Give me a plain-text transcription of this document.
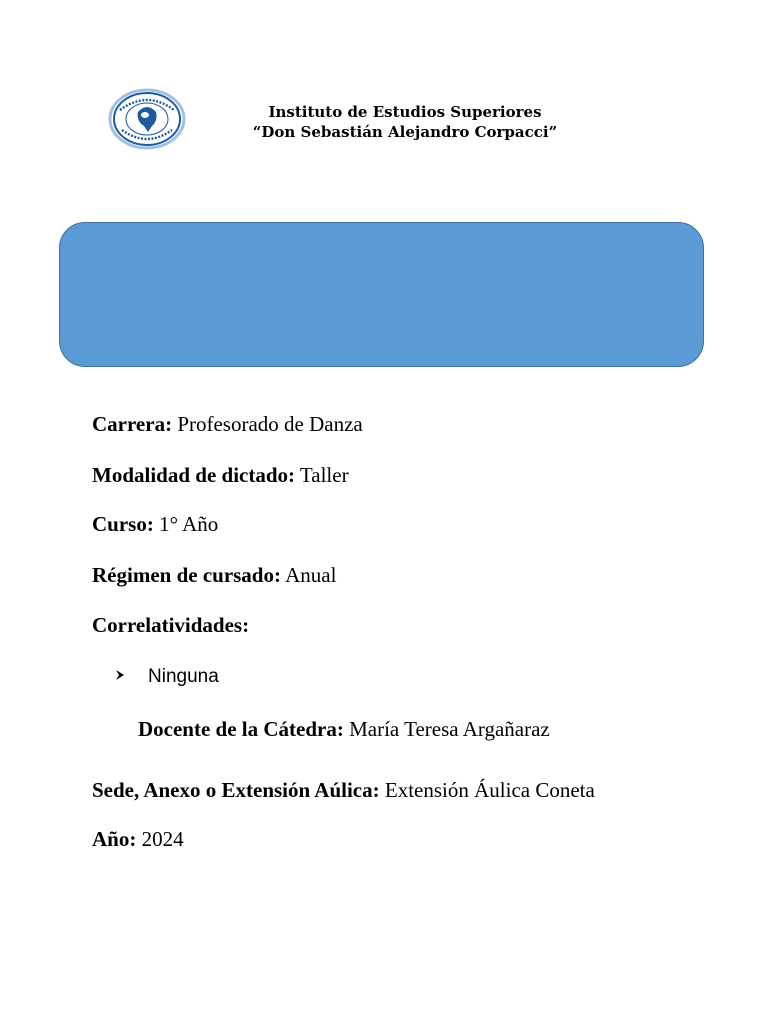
Instituto de Estudios Superiores
“Don Sebastián Alejandro Corpacci”
Carrera: Profesorado de Danza
Modalidad de dictado: Taller
Curso: 1° Año
Régimen de cursado: Anual
Correlatividades:
Ninguna
Docente de la Cátedra: María Teresa Argañaraz
Sede, Anexo o Extensión Aúlica: Extensión Áulica Coneta
Año: 2024
